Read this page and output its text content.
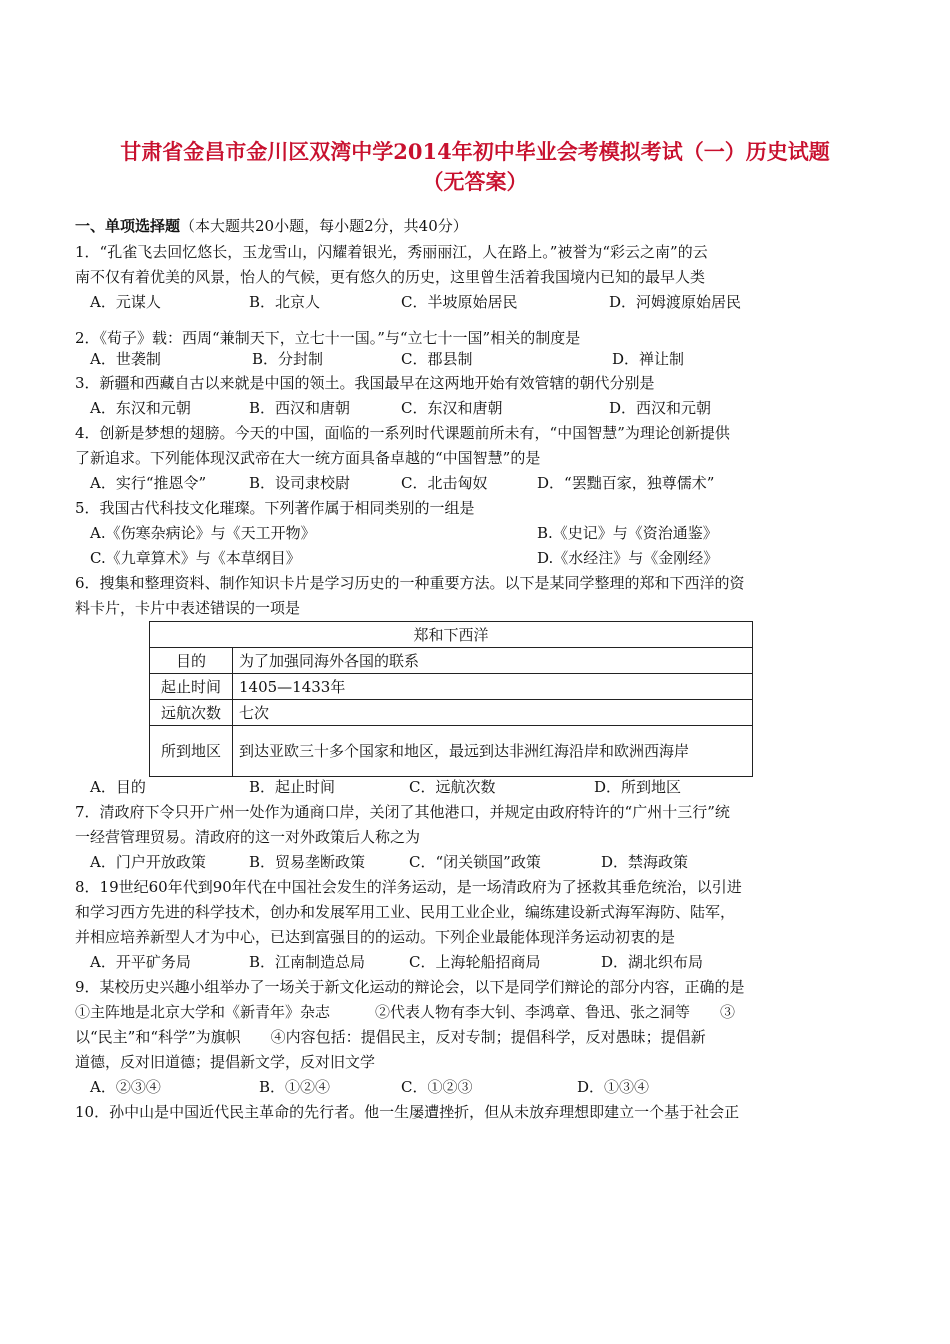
甘肃省金昌市金川区双湾中学2014年初中毕业会考模拟考试（一）历史试题
（无答案）
一、单项选择题（本大题共20小题，每小题2分，共40分）
1．“孔雀飞去回忆悠长，玉龙雪山，闪耀着银光，秀丽丽江，人在路上。”被誉为“彩云之南”的云
南不仅有着优美的风景，怡人的气候，更有悠久的历史，这里曾生活着我国境内已知的最早人类
A．元谋人	B．北京人	C．半坡原始居民	D．河姆渡原始居民
2．《荀子》载：西周“兼制天下，立七十一国。”与“立七十一国”相关的制度是
A．世袭制	B．分封制	C．郡县制	D．禅让制
3．新疆和西藏自古以来就是中国的领土。我国最早在这两地开始有效管辖的朝代分别是
A．东汉和元朝	B．西汉和唐朝	C．东汉和唐朝	D．西汉和元朝
4．创新是梦想的翅膀。今天的中国，面临的一系列时代课题前所未有，“中国智慧”为理论创新提供
了新追求。下列能体现汉武帝在大一统方面具备卓越的“中国智慧”的是
A．实行“推恩令”	B．设司隶校尉	C．北击匈奴	D．“罢黜百家，独尊儒术”
5．我国古代科技文化璀璨。下列著作属于相同类别的一组是
A.《伤寒杂病论》与《天工开物》	B.《史记》与《资治通鉴》
C.《九章算术》与《本草纲目》	D.《水经注》与《金刚经》
6．搜集和整理资料、制作知识卡片是学习历史的一种重要方法。以下是某同学整理的郑和下西洋的资
料卡片，卡片中表述错误的一项是
郑和下西洋	
目的	为了加强同海外各国的联系
起止时间	1405—1433年
远航次数	七次
所到地区	到达亚欧三十多个国家和地区，最远到达非洲红海沿岸和欧洲西海岸
A．目的	B．起止时间	C．远航次数	D．所到地区
7．清政府下令只开广州一处作为通商口岸，关闭了其他港口，并规定由政府特许的“广州十三行”统
一经营管理贸易。清政府的这一对外政策后人称之为
A．门户开放政策	B．贸易垄断政策	C．“闭关锁国”政策	D．禁海政策
8．19世纪60年代到90年代在中国社会发生的洋务运动，是一场清政府为了拯救其垂危统治，以引进
和学习西方先进的科学技术，创办和发展军用工业、民用工业企业，编练建设新式海军海防、陆军，
并相应培养新型人才为中心，已达到富强目的的运动。下列企业最能体现洋务运动初衷的是
A．开平矿务局	B．江南制造总局	C．上海轮船招商局	D．湖北织布局
9．某校历史兴趣小组举办了一场关于新文化运动的辩论会，以下是同学们辩论的部分内容，正确的是
①主阵地是北京大学和《新青年》杂志　　　②代表人物有李大钊、李鸿章、鲁迅、张之洞等　　③
以“民主”和“科学”为旗帜　　④内容包括：提倡民主，反对专制；提倡科学，反对愚昧；提倡新
道德，反对旧道德；提倡新文学，反对旧文学
A．②③④	B．①②④	C．①②③	D．①③④
10．孙中山是中国近代民主革命的先行者。他一生屡遭挫折，但从未放弃理想即建立一个基于社会正
